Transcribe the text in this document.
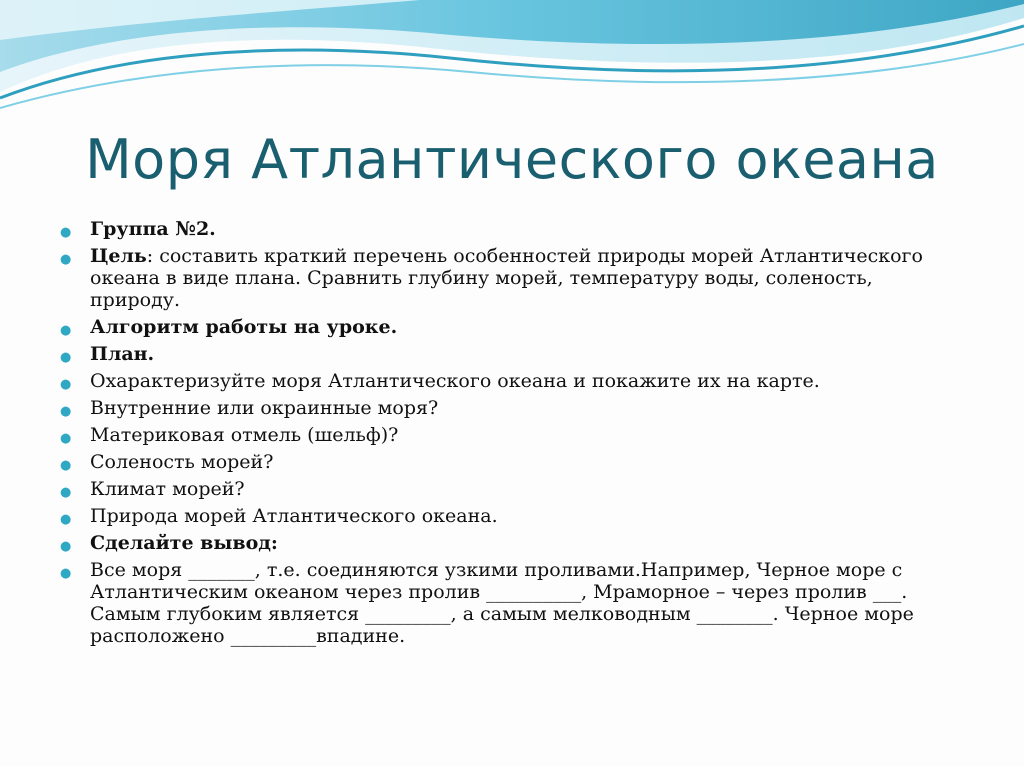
Моря Атлантического океана
● Группа №2.
● Цель: составить краткий перечень особенностей природы морей Атлантического океана в виде плана. Сравнить глубину морей, температуру воды, соленость, природу.
● Алгоритм работы на уроке.
● План.
● Охарактеризуйте моря Атлантического океана и покажите их на карте.
● Внутренние или окраинные моря?
● Материковая отмель (шельф)?
● Соленость морей?
● Климат морей?
● Природа морей Атлантического океана.
● Сделайте вывод:
● Все моря _______, т.е. соединяются узкими проливами.Например, Черное море с Атлантическим океаном через пролив __________, Мраморное – через пролив ___. Самым глубоким является _________, а самым мелководным ________. Черное море расположено _________впадине.
